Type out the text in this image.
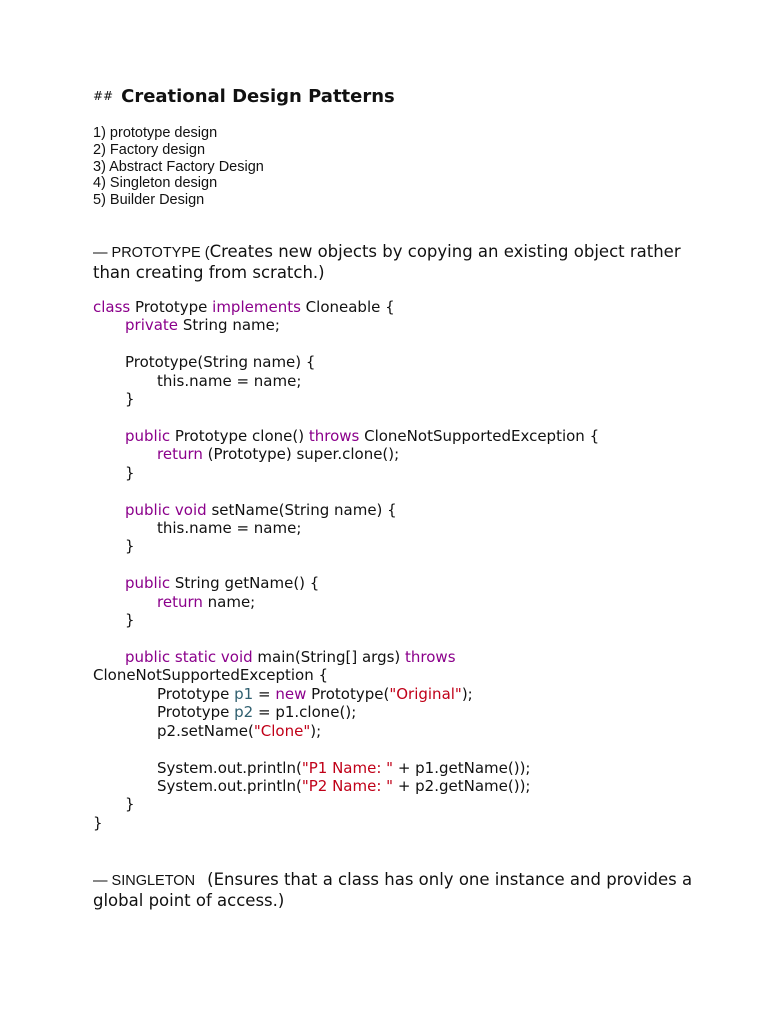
## Creational Design Patterns
1) prototype design
2) Factory design
3) Abstract Factory Design
4) Singleton design
5) Builder Design
— PROTOTYPE (Creates new objects by copying an existing object rather than creating from scratch.)
class Prototype implements Cloneable {
private String name;
Prototype(String name) {
this.name = name;
}
public Prototype clone() throws CloneNotSupportedException {
return (Prototype) super.clone();
}
public void setName(String name) {
this.name = name;
}
public String getName() {
return name;
}
public static void main(String[] args) throws
CloneNotSupportedException {
Prototype p1 = new Prototype("Original");
Prototype p2 = p1.clone();
p2.setName("Clone");
System.out.println("P1 Name: " + p1.getName());
System.out.println("P2 Name: " + p2.getName());
}
}
— SINGLETON   (Ensures that a class has only one instance and provides a global point of access.)
